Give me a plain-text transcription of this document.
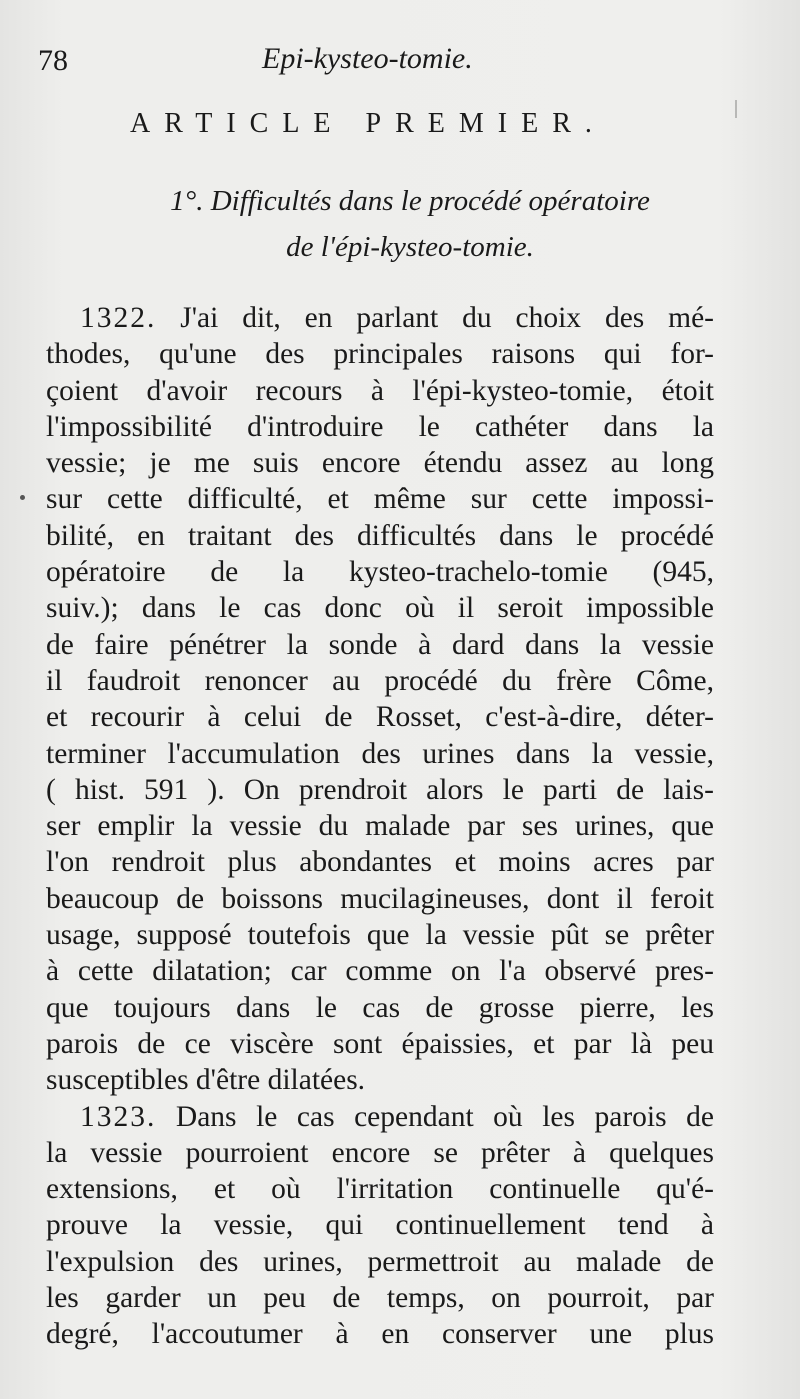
78	Epi-kysteo-tomie.
ARTICLE PREMIER.
1°. Difficultés dans le procédé opératoire
de l'épi-kysteo-tomie.
1322. J'ai dit, en parlant du choix des mé-
thodes, qu'une des principales raisons qui for-
çoient d'avoir recours à l'épi-kysteo-tomie, étoit
l'impossibilité d'introduire le cathéter dans la
vessie; je me suis encore étendu assez au long
sur cette difficulté, et même sur cette impossi-
bilité, en traitant des difficultés dans le procédé
opératoire de la kysteo-trachelo-tomie (945,
suiv.); dans le cas donc où il seroit impossible
de faire pénétrer la sonde à dard dans la vessie
il faudroit renoncer au procédé du frère Côme,
et recourir à celui de Rosset, c'est-à-dire, déter-
terminer l'accumulation des urines dans la vessie,
( hist. 591 ). On prendroit alors le parti de lais-
ser emplir la vessie du malade par ses urines, que
l'on rendroit plus abondantes et moins acres par
beaucoup de boissons mucilagineuses, dont il feroit
usage, supposé toutefois que la vessie pût se prêter
à cette dilatation; car comme on l'a observé pres-
que toujours dans le cas de grosse pierre, les
parois de ce viscère sont épaissies, et par là peu
susceptibles d'être dilatées.
1323. Dans le cas cependant où les parois de
la vessie pourroient encore se prêter à quelques
extensions, et où l'irritation continuelle qu'é-
prouve la vessie, qui continuellement tend à
l'expulsion des urines, permettroit au malade de
les garder un peu de temps, on pourroit, par
degré, l'accoutumer à en conserver une plus
